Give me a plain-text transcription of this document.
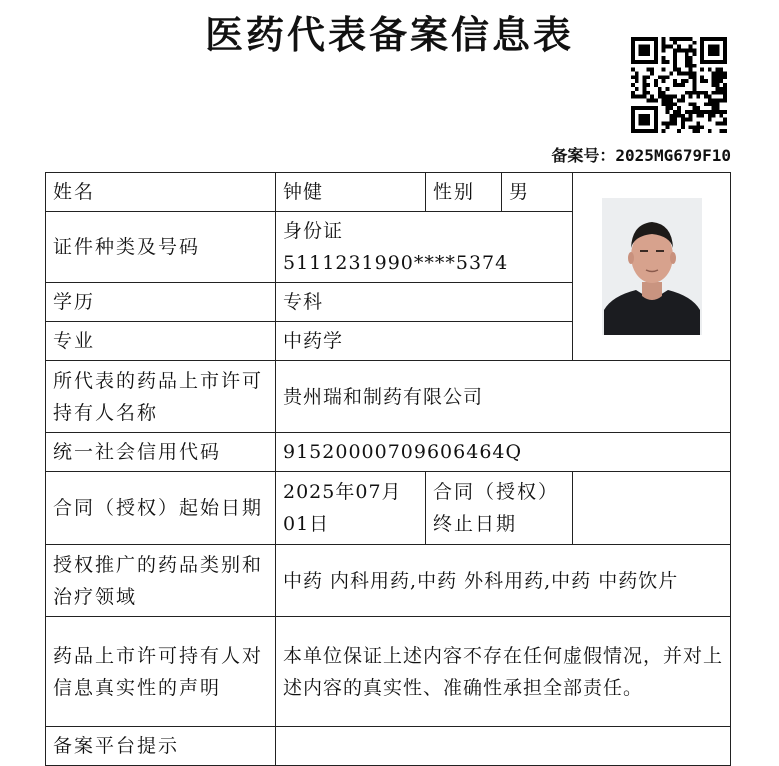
医药代表备案信息表
备案号：2025MG679F10
姓名	钟健	性别	男	

证件种类及号码	身份证 5111231990****5374			
学历	专科			
专业	中药学			
所代表的药品上市许可持有人名称	贵州瑞和制药有限公司			
统一社会信用代码	91520000709606464Q			
合同（授权）起始日期	2025年07月01日	合同（授权）终止日期		
授权推广的药品类别和治疗领域	中药 内科用药,中药 外科用药,中药 中药饮片			
药品上市许可持有人对信息真实性的声明	本单位保证上述内容不存在任何虚假情况，并对上述内容的真实性、准确性承担全部责任。			
备案平台提示				
